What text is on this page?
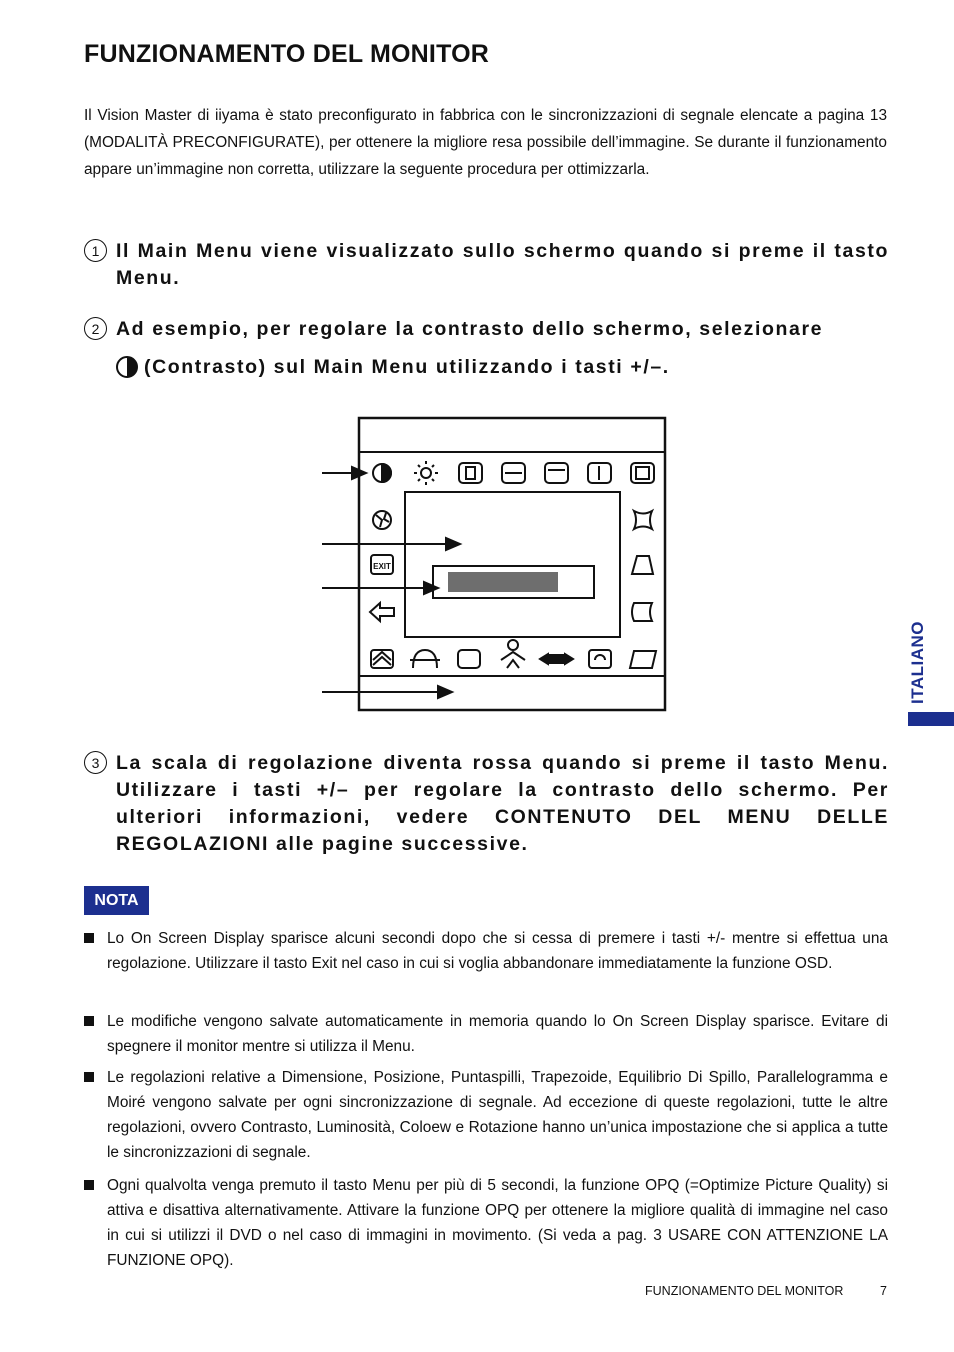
FUNZIONAMENTO DEL MONITOR

Il Vision Master di iiyama è stato preconfigurato in fabbrica con le sincronizzazioni di segnale elencate a pagina 13 (MODALITÀ PRECONFIGURATE), per ottenere la migliore resa possibile dell’immagine. Se durante il funzionamento appare un’immagine non corretta, utilizzare la seguente procedura per ottimizzarla.

1 Il Main Menu viene visualizzato sullo schermo quando si preme il tasto Menu.
2 Ad esempio, per regolare la contrasto dello schermo, selezionare
(Contrasto) sul Main Menu utilizzando i tasti +/–.
EXIT
3 La scala di regolazione diventa rossa quando si preme il tasto Menu. Utilizzare i tasti +/– per regolare la contrasto dello schermo. Per ulteriori informazioni, vedere CONTENUTO DEL MENU DELLE REGOLAZIONI alle pagine successive.
ITALIANO
NOTA
Lo On Screen Display sparisce alcuni secondi dopo che si cessa di premere i tasti +/- mentre si effettua una regolazione. Utilizzare il tasto Exit nel caso in cui si voglia abbandonare immediatamente la funzione OSD.
Le modifiche vengono salvate automaticamente in memoria quando lo On Screen Display sparisce. Evitare di spegnere il monitor mentre si utilizza il Menu.
Le regolazioni relative a Dimensione, Posizione, Puntaspilli, Trapezoide, Equilibrio Di Spillo, Parallelogramma e Moiré vengono salvate per ogni sincronizzazione di segnale. Ad eccezione di queste regolazioni, tutte le altre regolazioni, ovvero Contrasto, Luminosità, Coloew e Rotazione hanno un’unica impostazione che si applica a tutte le sincronizzazioni di segnale.
Ogni qualvolta venga premuto il tasto Menu per più di 5 secondi, la funzione OPQ (=Optimize Picture Quality) si attiva e disattiva alternativamente. Attivare la funzione OPQ per ottenere la migliore qualità di immagine nel caso in cui si utilizzi il DVD o nel caso di immagini in movimento. (Si veda a pag. 3 USARE CON ATTENZIONE LA FUNZIONE OPQ).
FUNZIONAMENTO DEL MONITOR	7
